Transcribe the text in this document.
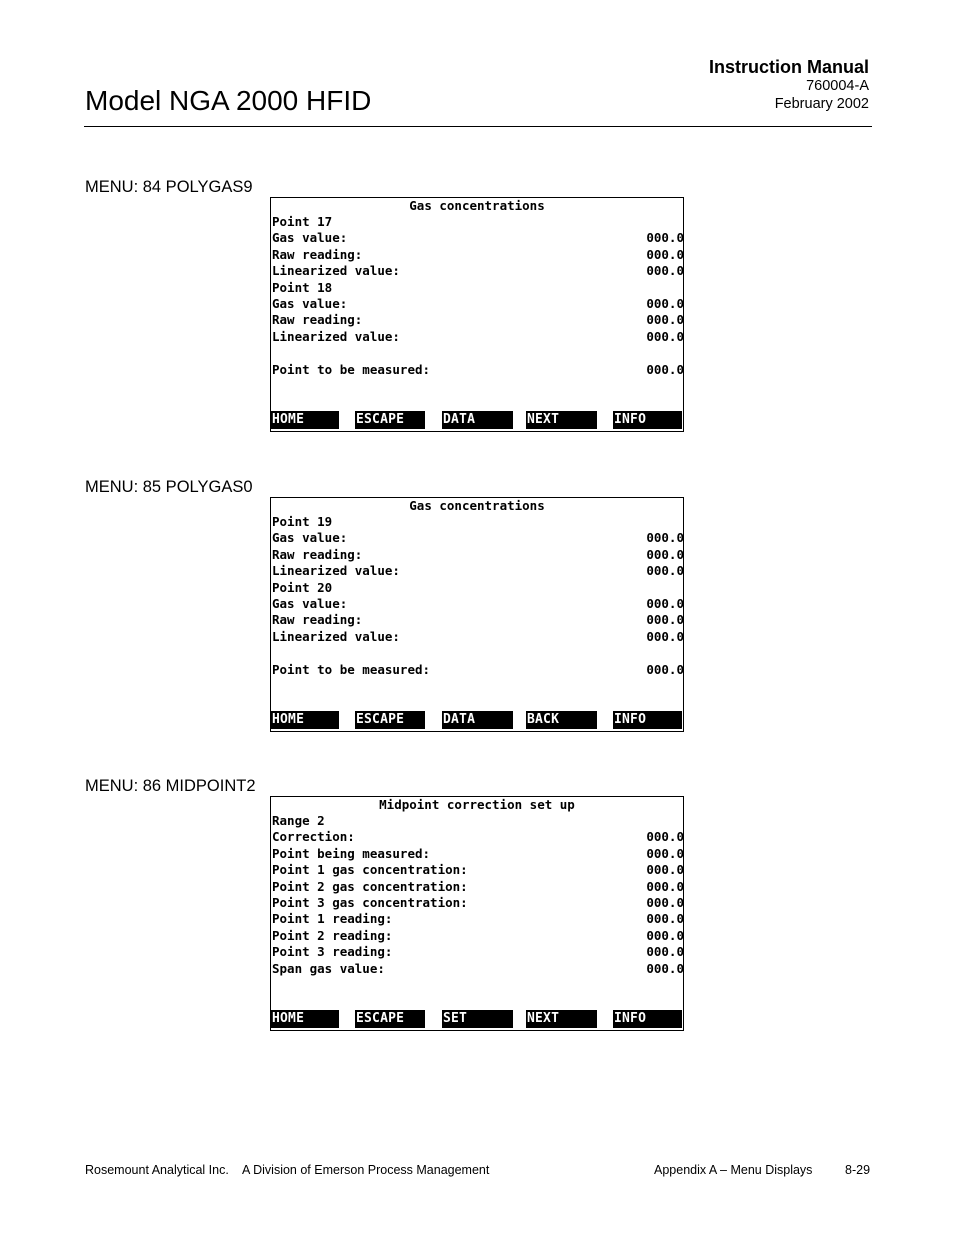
Instruction Manual
760004-A
February 2002
Model NGA 2000 HFID
MENU: 84 POLYGAS9
Gas concentrations
Point 17
Gas value:	000.0
Raw reading:	000.0
Linearized value:	000.0
Point 18
Gas value:	000.0
Raw reading:	000.0
Linearized value:	000.0
Point to be measured:	000.0
HOME	ESCAPE	DATA	NEXT	INFO
MENU: 85 POLYGAS0
Gas concentrations
Point 19
Gas value:	000.0
Raw reading:	000.0
Linearized value:	000.0
Point 20
Gas value:	000.0
Raw reading:	000.0
Linearized value:	000.0
Point to be measured:	000.0
HOME	ESCAPE	DATA	BACK	INFO
MENU: 86 MIDPOINT2
Midpoint correction set up
Range 2
Correction:	000.0
Point being measured:	000.0
Point 1 gas concentration:	000.0
Point 2 gas concentration:	000.0
Point 3 gas concentration:	000.0
Point 1 reading:	000.0
Point 2 reading:	000.0
Point 3 reading:	000.0
Span gas value:	000.0
HOME	ESCAPE	SET	NEXT	INFO
Rosemount Analytical Inc. A Division of Emerson Process Management	Appendix A – Menu Displays	8-29
